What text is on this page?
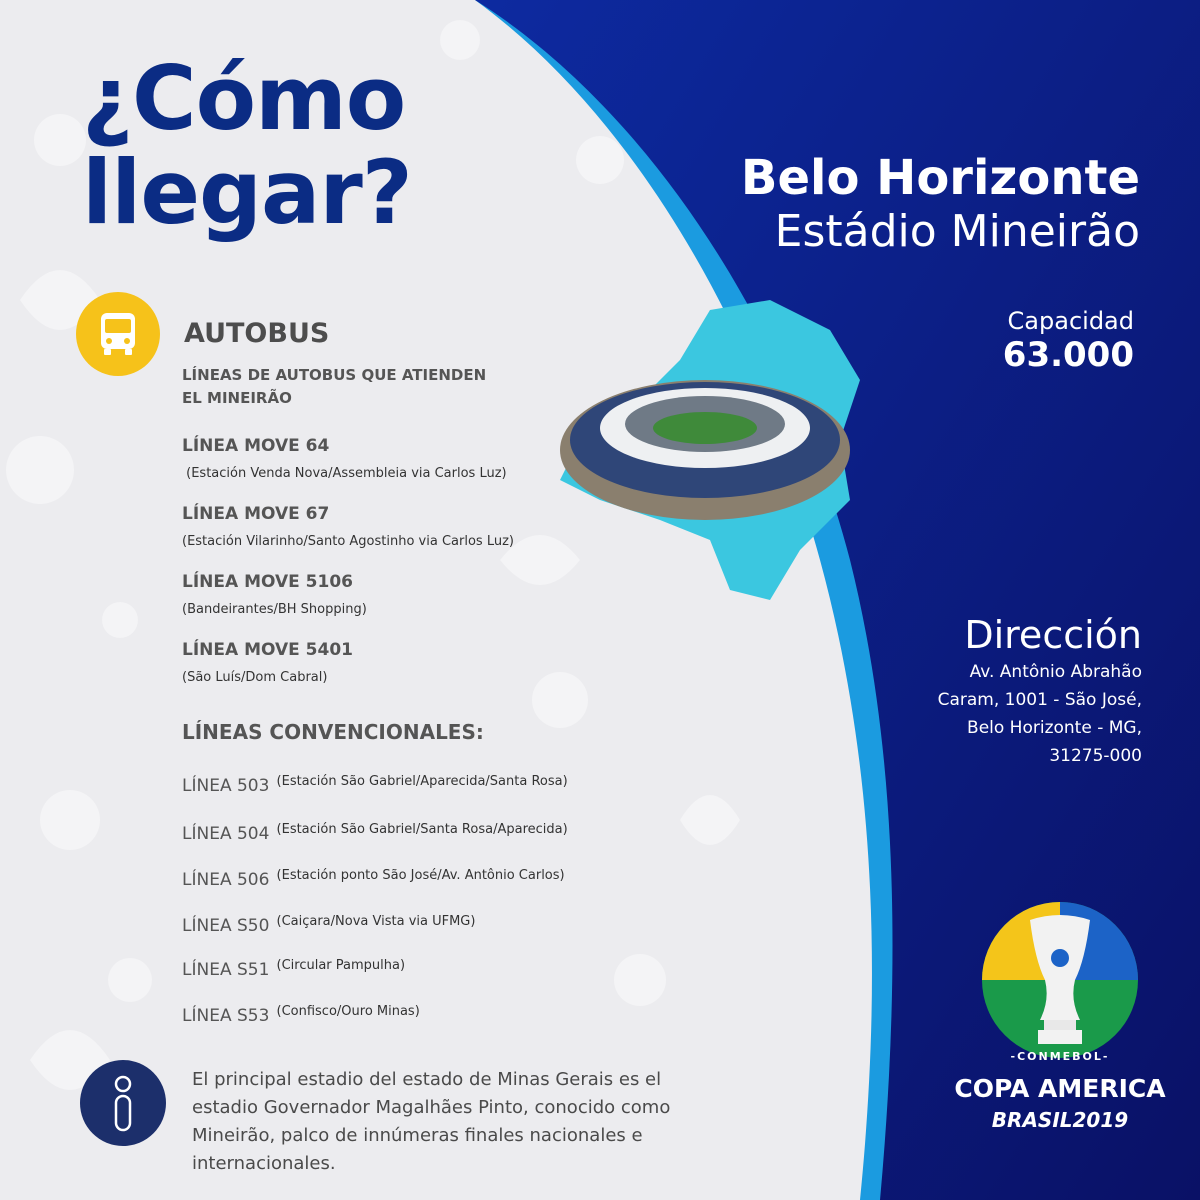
¿Cómo
llegar?	Belo Horizonte
Estádio Mineirão
Capacidad
63.000
AUTOBUS
LÍNEAS DE AUTOBUS QUE ATIENDEN
EL MINEIRÃO
LÍNEA MOVE 64
(Estación Venda Nova/Assembleia via Carlos Luz)
LÍNEA MOVE 67
(Estación Vilarinho/Santo Agostinho via Carlos Luz)
LÍNEA MOVE 5106
(Bandeirantes/BH Shopping)
LÍNEA MOVE 5401
(São Luís/Dom Cabral)
LÍNEAS CONVENCIONALES:
LÍNEA 503 (Estación São Gabriel/Aparecida/Santa Rosa)
LÍNEA 504 (Estación São Gabriel/Santa Rosa/Aparecida)
LÍNEA 506 (Estación ponto São José/Av. Antônio Carlos)
LÍNEA S50 (Caiçara/Nova Vista via UFMG)
LÍNEA S51 (Circular Pampulha)
LÍNEA S53 (Confisco/Ouro Minas)
Dirección
Av. Antônio Abrahão
Caram, 1001 - São José,
Belo Horizonte - MG,
31275-000
El principal estadio del estado de Minas Gerais es el
estadio Governador Magalhães Pinto, conocido como
Mineirão, palco de innúmeras finales nacionales e
internacionales.
-CONMEBOL-
COPA AMERICA
BRASIL2019
